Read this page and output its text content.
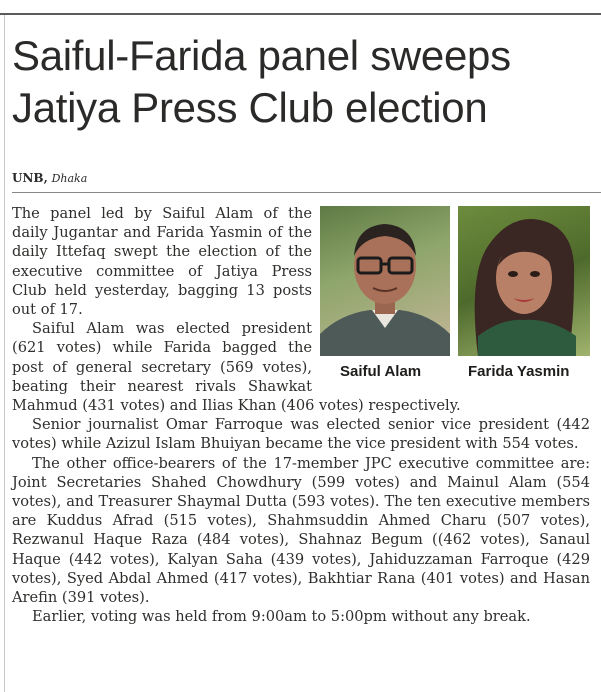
Saiful-Farida panel sweeps Jatiya Press Club election
UNB, Dhaka
Saiful Alam	Farida Yasmin

The panel led by Saiful Alam of the daily Jugantar and Farida Yasmin of the daily Ittefaq swept the election of the executive committee of Jatiya Press Club held yesterday, bagging 13 posts out of 17.

Saiful Alam was elected president (621 votes) while Farida bagged the post of general secretary (569 votes), beating their nearest rivals Shawkat Mahmud (431 votes) and Ilias Khan (406 votes) respectively.

Senior journalist Omar Farroque was elected senior vice president (442 votes) while Azizul Islam Bhuiyan became the vice president with 554 votes.

The other office-bearers of the 17-member JPC executive committee are: Joint Secretaries Shahed Chowdhury (599 votes) and Mainul Alam (554 votes), and Treasurer Shaymal Dutta (593 votes). The ten executive members are Kuddus Afrad (515 votes), Shahmsuddin Ahmed Charu (507 votes), Rezwanul Haque Raza (484 votes), Shahnaz Begum ((462 votes), Sanaul Haque (442 votes), Kalyan Saha (439 votes), Jahiduzzaman Farroque (429 votes), Syed Abdal Ahmed (417 votes), Bakhtiar Rana (401 votes) and Hasan Arefin (391 votes).

Earlier, voting was held from 9:00am to 5:00pm without any break.
